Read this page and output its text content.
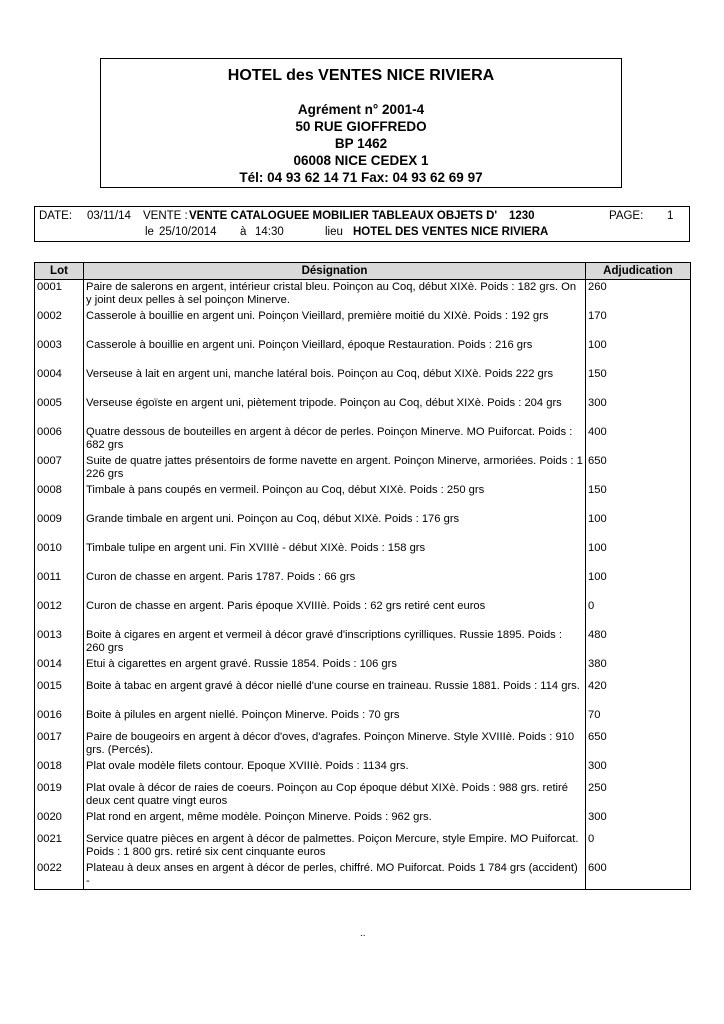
HOTEL des VENTES NICE RIVIERA
Agrément n° 2001-4
50 RUE GIOFFREDO
BP 1462
06008 NICE CEDEX 1
Tél: 04 93 62 14 71 Fax: 04 93 62 69 97
DATE: 03/11/14 VENTE : VENTE CATALOGUEE MOBILIER TABLEAUX OBJETS D' 1230	PAGE: 1
le 25/10/2014 à 14:30	lieu HOTEL DES VENTES NICE RIVIERA
Lot	Désignation	Adjudication
0001	Paire de salerons en argent, intérieur cristal bleu. Poinçon au Coq, début XIXè. Poids : 182 grs. On y joint deux pelles à sel poinçon Minerve.	260
0002	Casserole à bouillie en argent uni. Poinçon Vieillard, première moitié du XIXè. Poids : 192 grs	170
0003	Casserole à bouillie en argent uni. Poinçon Vieillard, époque Restauration. Poids : 216 grs	100
0004	Verseuse à lait en argent uni, manche latéral bois. Poinçon au Coq, début XIXè. Poids 222 grs	150
0005	Verseuse égoïste en argent uni, piètement tripode. Poinçon au Coq, début XIXè. Poids : 204 grs	300
0006	Quatre dessous de bouteilles en argent à décor de perles. Poinçon Minerve. MO Puiforcat. Poids : 682 grs	400
0007	Suite de quatre jattes présentoirs de forme navette en argent. Poinçon Minerve, armoriées. Poids : 1 226 grs	650
0008	Timbale à pans coupés en vermeil. Poinçon au Coq, début XIXè. Poids : 250 grs	150
0009	Grande timbale en argent uni. Poinçon au Coq, début XIXè. Poids : 176 grs	100
0010	Timbale tulipe en argent uni. Fin XVIIIè - début XIXè. Poids : 158 grs	100
0011	Curon de chasse en argent. Paris 1787. Poids : 66 grs	100
0012	Curon de chasse en argent. Paris époque XVIIIè. Poids : 62 grs retiré cent euros	0
0013	Boite à cigares en argent et vermeil à décor gravé d'inscriptions cyrilliques. Russie 1895. Poids : 260 grs	480
0014	Etui à cigarettes en argent gravé. Russie 1854. Poids : 106 grs	380
0015	Boite à tabac en argent gravé à décor niellé d'une course en traineau. Russie 1881. Poids : 114 grs.	420
0016	Boite à pilules en argent niellé. Poinçon Minerve. Poids : 70 grs	70
0017	Paire de bougeoirs en argent à décor d'oves, d'agrafes. Poinçon Minerve. Style XVIIIè. Poids : 910 grs. (Percés).	650
0018	Plat ovale modèle filets contour. Epoque XVIIIè. Poids : 1134 grs.	300
0019	Plat ovale à décor de raies de coeurs. Poinçon au Cop époque début XIXè. Poids : 988 grs. retiré deux cent quatre vingt euros	250
0020	Plat rond en argent, même modèle. Poinçon Minerve. Poids : 962 grs.	300
0021	Service quatre pièces en argent à décor de palmettes. Poiçon Mercure, style Empire. MO Puiforcat. Poids : 1 800 grs. retiré six cent cinquante euros	0
0022	Plateau à deux anses en argent à décor de perles, chiffré. MO Puiforcat. Poids 1 784 grs (accident) -	600
..
